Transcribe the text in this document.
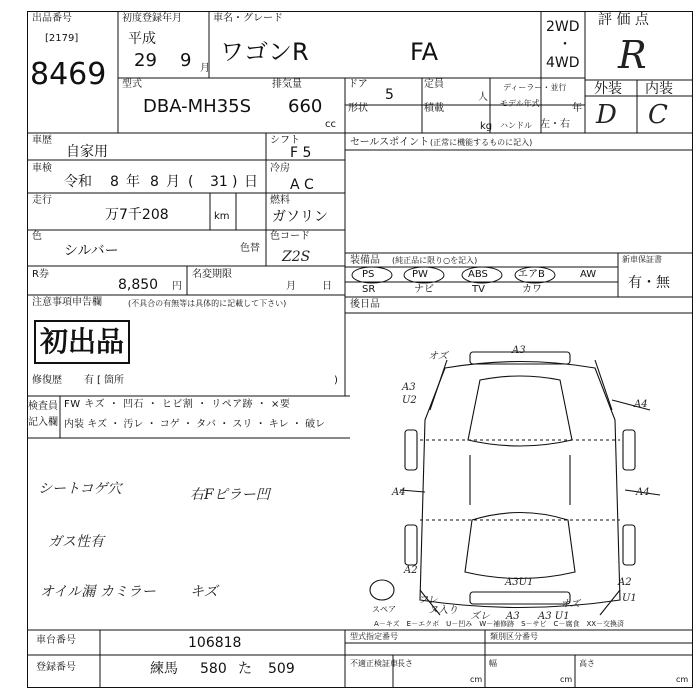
出品番号
[2179]
8469
初度登録年月
平成
29 9 月
車名・グレード
ワゴンR	FA
2WD
・
4WD
評 価 点
R
外装 内装
D C
型式
DBA-MH35S
排気量
660
cc
ドア
5
定員
人
ディーラー・並行
形状	積載
kg
モデル年式	年
ハンドル 左・右
車歴
自家用
シフト
F 5
車検
令和 8 年 8 月 ( 31 ) 日
冷房
A C
走行
万7千208	km
燃料
ガソリン
色
シルバー	色替
色コード
Z2S
R券
8,850 円
名変期限
月	日
注意事項申告欄	(不具合の有無等は具体的に記載して下さい)
初出品
修復歴 有 [ 箇所	)
セールスポイント (正常に機能するものに記入)
装備品 (純正品に限り○を記入)	新車保証書
有・無
PS	PW	ABS	エアB	AW
SR	ナビ	TV	カワ
後日品
検査員
記入欄
FW キズ ・ 凹石 ・ ヒビ割 ・ リペア跡 ・ ×要
内装 キズ ・ 汚レ ・ コゲ ・ タバ ・ スリ ・ キレ ・ 破レ
シートコゲ穴	右Fピラー凹
ガス性有
オイル漏 カミラー キズ
A3
A3
A4
A4
A2
A3U1	A2
A3 A3 U1
U1
U2
A4
オズ
オズ
フレ
ヌ入り
ズレ
スペア
A－キズ　E－エクボ　U－凹み　W－補修跡　S－サビ　C－腐食　XX－交換済
車台番号	106818
登録番号	練馬 580 た 509
型式指定番号	類別区分番号
不適正検証車 長さ
cm
幅
cm
高さ
cm
